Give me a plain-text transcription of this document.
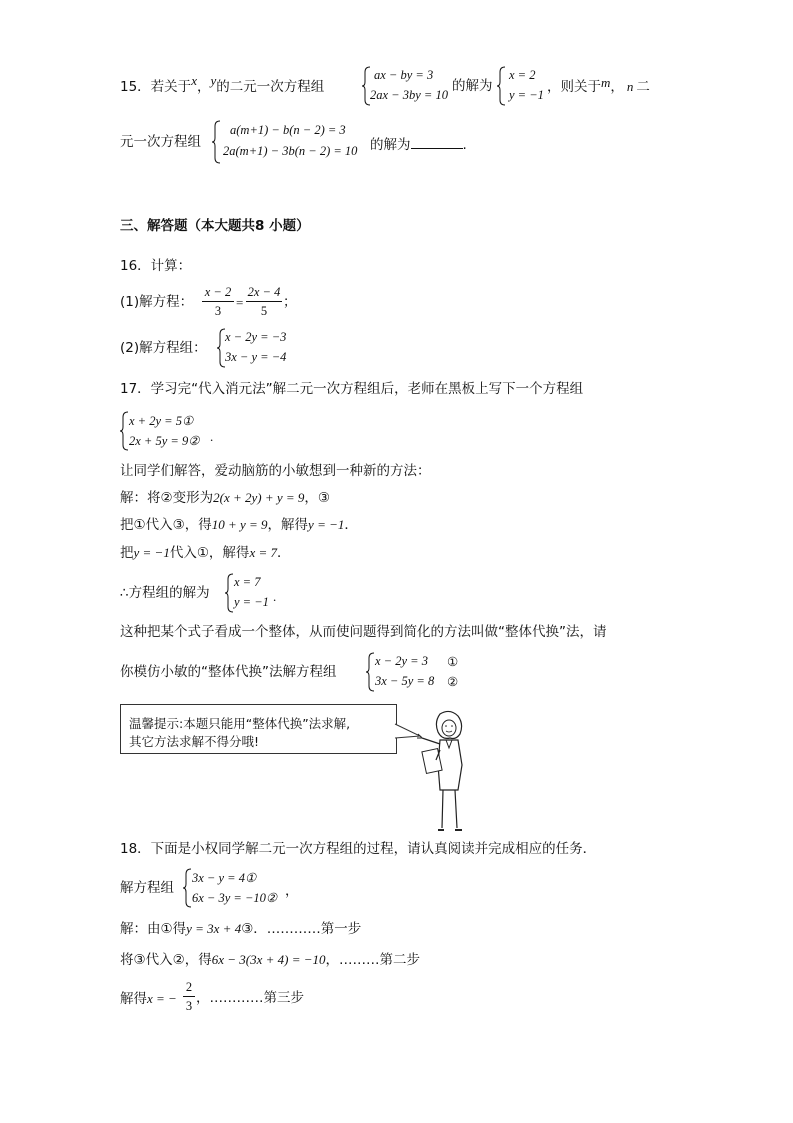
15．若关于x，y的二元一次方程组
ax − by = 3
2ax − 3by = 10
的解为
x = 2
y = −1 ，则关于m， n 二
元一次方程组
a(m+1) − b(n − 2) = 3
2a(m+1) − 3b(n − 2) = 10 的解为	.
三、解答题（本大题共8 小题）
16．计算：
(1)解方程：
x − 2
3
=
2x − 4
5
；
(2)解方程组：
x − 2y = −3
3x − y = −4
17．学习完“代入消元法”解二元一次方程组后，老师在黑板上写下一个方程组
x + 2y = 5①
2x + 5y = 9② .
让同学们解答，爱动脑筋的小敏想到一种新的方法：
解：将②变形为2(x + 2y) + y = 9，③
把①代入③，得10 + y = 9，解得y = −1．
把y = −1代入①，解得x = 7．
∴方程组的解为
x = 7
y = −1 .
这种把某个式子看成一个整体，从而使问题得到简化的方法叫做“整体代换”法，请
你模仿小敏的“整体代换”法解方程组
x − 2y = 3
3x − 5y = 8
①
②
温馨提示:本题只能用“整体代换”法求解,
其它方法求解不得分哦!
18．下面是小权同学解二元一次方程组的过程，请认真阅读并完成相应的任务．
解方程组
3x − y = 4①
6x − 3y = −10② ，
解：由①得y = 3x + 4③．…………第一步
将③代入②，得6x − 3(3x + 4) = −10，………第二步
解得x = −
2
3 ，…………第三步
